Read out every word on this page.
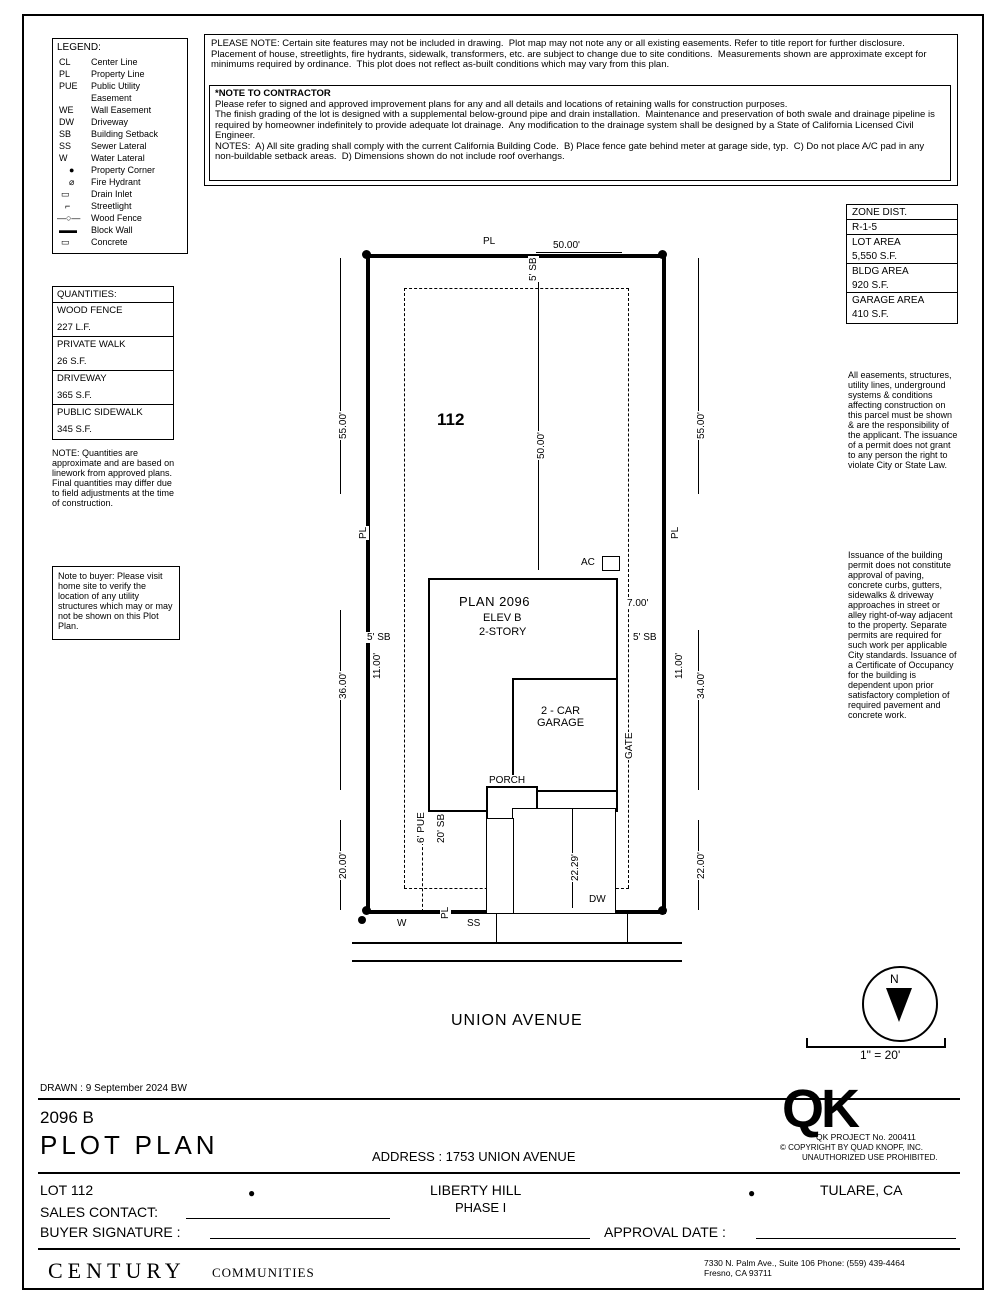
LEGEND:
CL	Center Line
PL	Property Line
PUE	Public Utility
Easement
WE	Wall Easement
DW	Driveway
SB	Building Setback
SS	Sewer Lateral
W	Water Lateral
●	Property Corner
⌀	Fire Hydrant
▭	Drain Inlet
⌐	Streetlight
—○—	Wood Fence
▬▬	Block Wall
▭	Concrete
QUANTITIES:
WOOD FENCE
227 L.F.
PRIVATE WALK
26 S.F.
DRIVEWAY
365 S.F.
PUBLIC SIDEWALK
345 S.F.
NOTE: Quantities are approximate and are based on linework from approved plans. Final quantities may differ due to field adjustments at the time of construction.
Note to buyer: Please visit home site to verify the location of any utility structures which may or may not be shown on this Plot Plan.
PLEASE NOTE: Certain site features may not be included in drawing.  Plot map may not note any or all existing easements. Refer to title report for further disclosure.  Placement of house, streetlights, fire hydrants, sidewalk, transformers, etc. are subject to change due to site conditions.  Measurements shown are approximate except for minimums required by ordinance.  This plot does not reflect as-built conditions which may vary from this plan.
*NOTE TO CONTRACTOR
Please refer to signed and approved improvement plans for any and all details and locations of retaining walls for construction purposes.
The finish grading of the lot is designed with a supplemental below-ground pipe and drain installation.  Maintenance and preservation of both swale and drainage pipeline is required by homeowner indefinitely to provide adequate lot drainage.  Any modification to the drainage system shall be designed by a State of California Licensed Civil Engineer.
NOTES:  A) All site grading shall comply with the current California Building Code.  B) Place fence gate behind meter at garage side, typ.  C) Do not place A/C pad in any non-buildable setback areas.  D) Dimensions shown do not include roof overhangs.
ZONE DIST.
R-1-5
LOT AREA
5,550 S.F.
BLDG AREA
920 S.F.
GARAGE AREA
410 S.F.
All easements, structures, utility lines, underground systems & conditions affecting construction on this parcel must be shown & are the responsibility of the applicant. The issuance of a permit does not grant to any person the right to violate City or State Law.
Issuance of the building permit does not constitute approval of paving, concrete curbs, gutters, sidewalks & driveway approaches in street or alley right-of-way adjacent to the property. Separate permits are required for such work per applicable City standards. Issuance of a Certificate of Occupancy for the building is dependent upon prior satisfactory completion of required pavement and concrete work.
112
PLAN 2096
ELEV B
2-STORY
2 - CAR
GARAGE
PORCH
AC
GATE
DW
PL
PL	PL
PL
50.00'
55.00'
36.00'
20.00'
55.00'
34.00'
22.00'
50.00'
22.29'
5' SB
5' SB	5' SB
20' SB
6' PUE
7.00'
11.00'	11.00'
W	SS
UNION AVENUE
N
1" = 20'
DRAWN : 9 September 2024 BW
2096 B
PLOT PLAN	ADDRESS : 1753 UNION AVENUE
QK
QK PROJECT No. 200411
© COPYRIGHT BY QUAD KNOPF, INC.
UNAUTHORIZED USE PROHIBITED.
LOT 112	●	LIBERTY HILL
PHASE I
●	TULARE, CA
SALES CONTACT:
BUYER SIGNATURE :	APPROVAL DATE :
CENTURY COMMUNITIES
7330 N. Palm Ave., Suite 106 Phone: (559) 439-4464
Fresno, CA 93711
